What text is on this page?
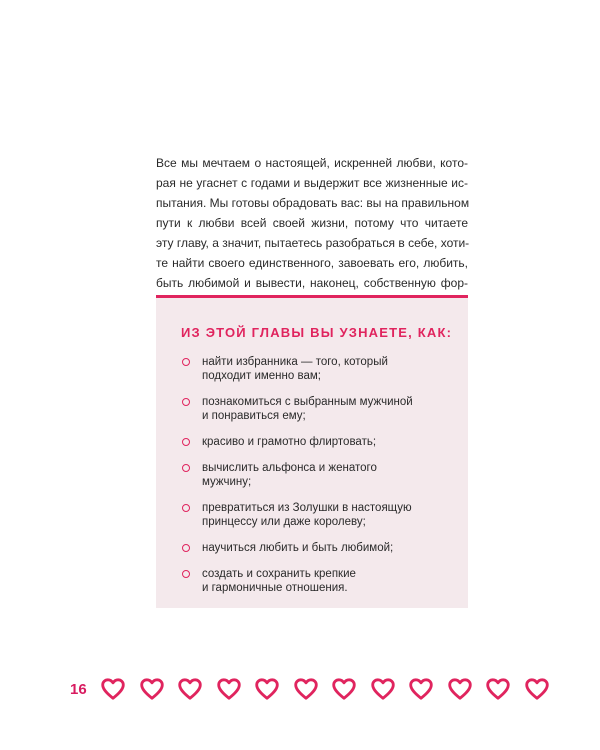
Все мы мечтаем о настоящей, искренней любви, кото-
рая не угаснет с годами и выдержит все жизненные ис-
пытания. Мы готовы обрадовать вас: вы на правильном
пути к любви всей своей жизни, потому что читаете
эту главу, а значит, пытаетесь разобраться в себе, хоти-
те найти своего единственного, завоевать его, любить,
быть любимой и вывести, наконец, собственную фор-
ИЗ ЭТОЙ ГЛАВЫ ВЫ УЗНАЕТЕ, КАК:
найти избранника — того, который
подходит именно вам;
познакомиться с выбранным мужчиной
и понравиться ему;
красиво и грамотно флиртовать;
вычислить альфонса и женатого
мужчину;
превратиться из Золушки в настоящую
принцессу или даже королеву;
научиться любить и быть любимой;
создать и сохранить крепкие
и гармоничные отношения.

16
